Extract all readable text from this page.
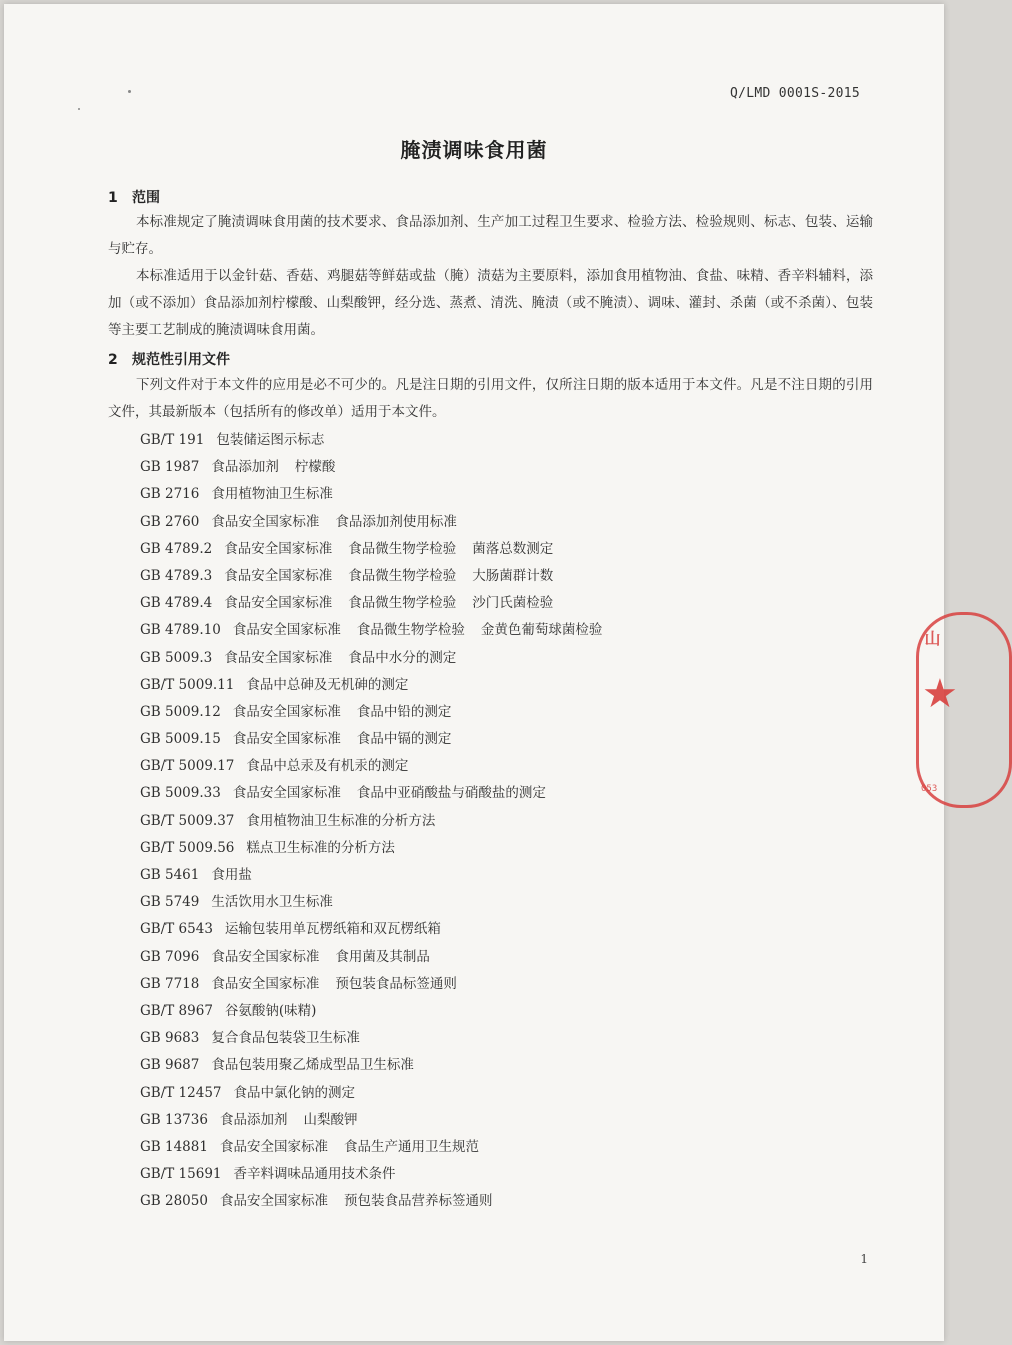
Q/LMD 0001S-2015
腌渍调味食用菌
1 范围
本标准规定了腌渍调味食用菌的技术要求、食品添加剂、生产加工过程卫生要求、检验方法、检验规则、标志、包装、运输与贮存。
本标准适用于以金针菇、香菇、鸡腿菇等鲜菇或盐（腌）渍菇为主要原料，添加食用植物油、食盐、味精、香辛料辅料，添加（或不添加）食品添加剂柠檬酸、山梨酸钾，经分选、蒸煮、清洗、腌渍（或不腌渍）、调味、灌封、杀菌（或不杀菌）、包装等主要工艺制成的腌渍调味食用菌。
2 规范性引用文件
下列文件对于本文件的应用是必不可少的。凡是注日期的引用文件，仅所注日期的版本适用于本文件。凡是不注日期的引用文件，其最新版本（包括所有的修改单）适用于本文件。
GB/T 191 包装储运图示标志
GB 1987 食品添加剂 柠檬酸
GB 2716 食用植物油卫生标准
GB 2760 食品安全国家标准 食品添加剂使用标准
GB 4789.2 食品安全国家标准 食品微生物学检验 菌落总数测定
GB 4789.3 食品安全国家标准 食品微生物学检验 大肠菌群计数
GB 4789.4 食品安全国家标准 食品微生物学检验 沙门氏菌检验
GB 4789.10 食品安全国家标准 食品微生物学检验 金黄色葡萄球菌检验
GB 5009.3 食品安全国家标准 食品中水分的测定
GB/T 5009.11 食品中总砷及无机砷的测定
GB 5009.12 食品安全国家标准 食品中铅的测定
GB 5009.15 食品安全国家标准 食品中镉的测定
GB/T 5009.17 食品中总汞及有机汞的测定
GB 5009.33 食品安全国家标准 食品中亚硝酸盐与硝酸盐的测定
GB/T 5009.37 食用植物油卫生标准的分析方法
GB/T 5009.56 糕点卫生标准的分析方法
GB 5461 食用盐
GB 5749 生活饮用水卫生标准
GB/T 6543 运输包装用单瓦楞纸箱和双瓦楞纸箱
GB 7096 食品安全国家标准 食用菌及其制品
GB 7718 食品安全国家标准 预包装食品标签通则
GB/T 8967 谷氨酸钠(味精)
GB 9683 复合食品包装袋卫生标准
GB 9687 食品包装用聚乙烯成型品卫生标准
GB/T 12457 食品中氯化钠的测定
GB 13736 食品添加剂 山梨酸钾
GB 14881 食品安全国家标准 食品生产通用卫生规范
GB/T 15691 香辛料调味品通用技术条件
GB 28050 食品安全国家标准 预包装食品营养标签通则
1
山
★
053
